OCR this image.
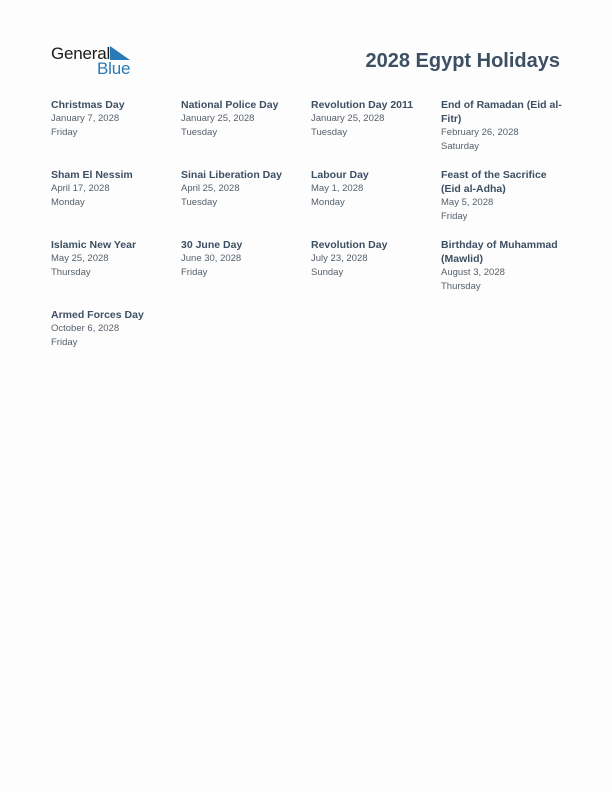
General
Blue	2028 Egypt Holidays
Christmas Day
January 7, 2028
Friday
National Police Day
January 25, 2028
Tuesday
Revolution Day 2011
January 25, 2028
Tuesday
End of Ramadan (Eid al-Fitr)
February 26, 2028
Saturday
Sham El Nessim
April 17, 2028
Monday
Sinai Liberation Day
April 25, 2028
Tuesday
Labour Day
May 1, 2028
Monday
Feast of the Sacrifice (Eid al-Adha)
May 5, 2028
Friday
Islamic New Year
May 25, 2028
Thursday
30 June Day
June 30, 2028
Friday
Revolution Day
July 23, 2028
Sunday
Birthday of Muhammad (Mawlid)
August 3, 2028
Thursday
Armed Forces Day
October 6, 2028
Friday
